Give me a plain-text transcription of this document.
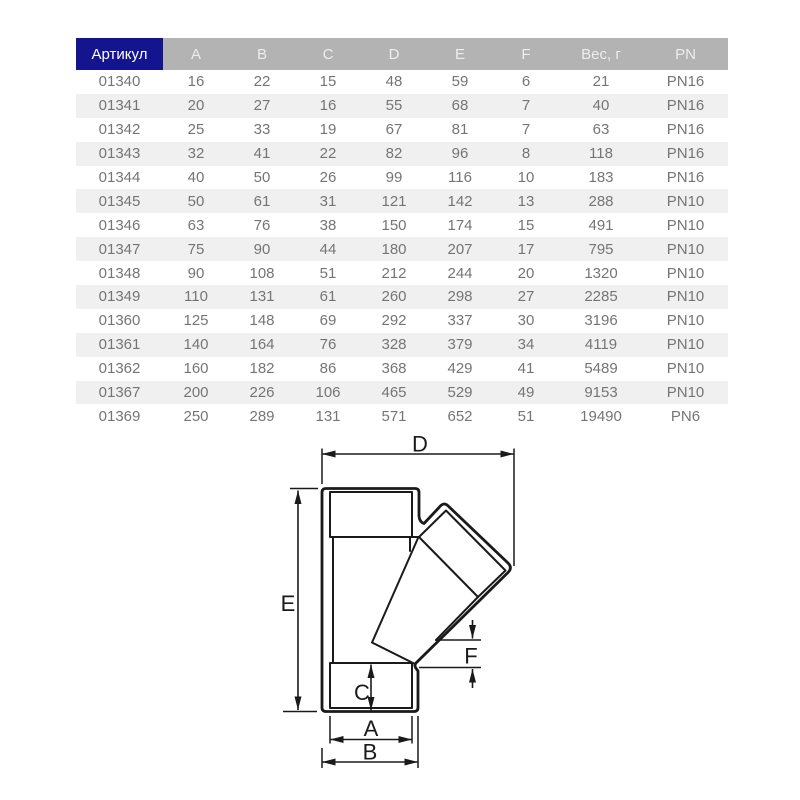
Артикул	A	B	C	D	E	F	Вес, г	PN
01340	16	22	15	48	59	6	21	PN16
01341	20	27	16	55	68	7	40	PN16
01342	25	33	19	67	81	7	63	PN16
01343	32	41	22	82	96	8	118	PN16
01344	40	50	26	99	116	10	183	PN16
01345	50	61	31	121	142	13	288	PN10
01346	63	76	38	150	174	15	491	PN10
01347	75	90	44	180	207	17	795	PN10
01348	90	108	51	212	244	20	1320	PN10
01349	110	131	61	260	298	27	2285	PN10
01360	125	148	69	292	337	30	3196	PN10
01361	140	164	76	328	379	34	4119	PN10
01362	160	182	86	368	429	41	5489	PN10
01367	200	226	106	465	529	49	9153	PN10
01369	250	289	131	571	652	51	19490	PN6
D
E
A
B
C
F
